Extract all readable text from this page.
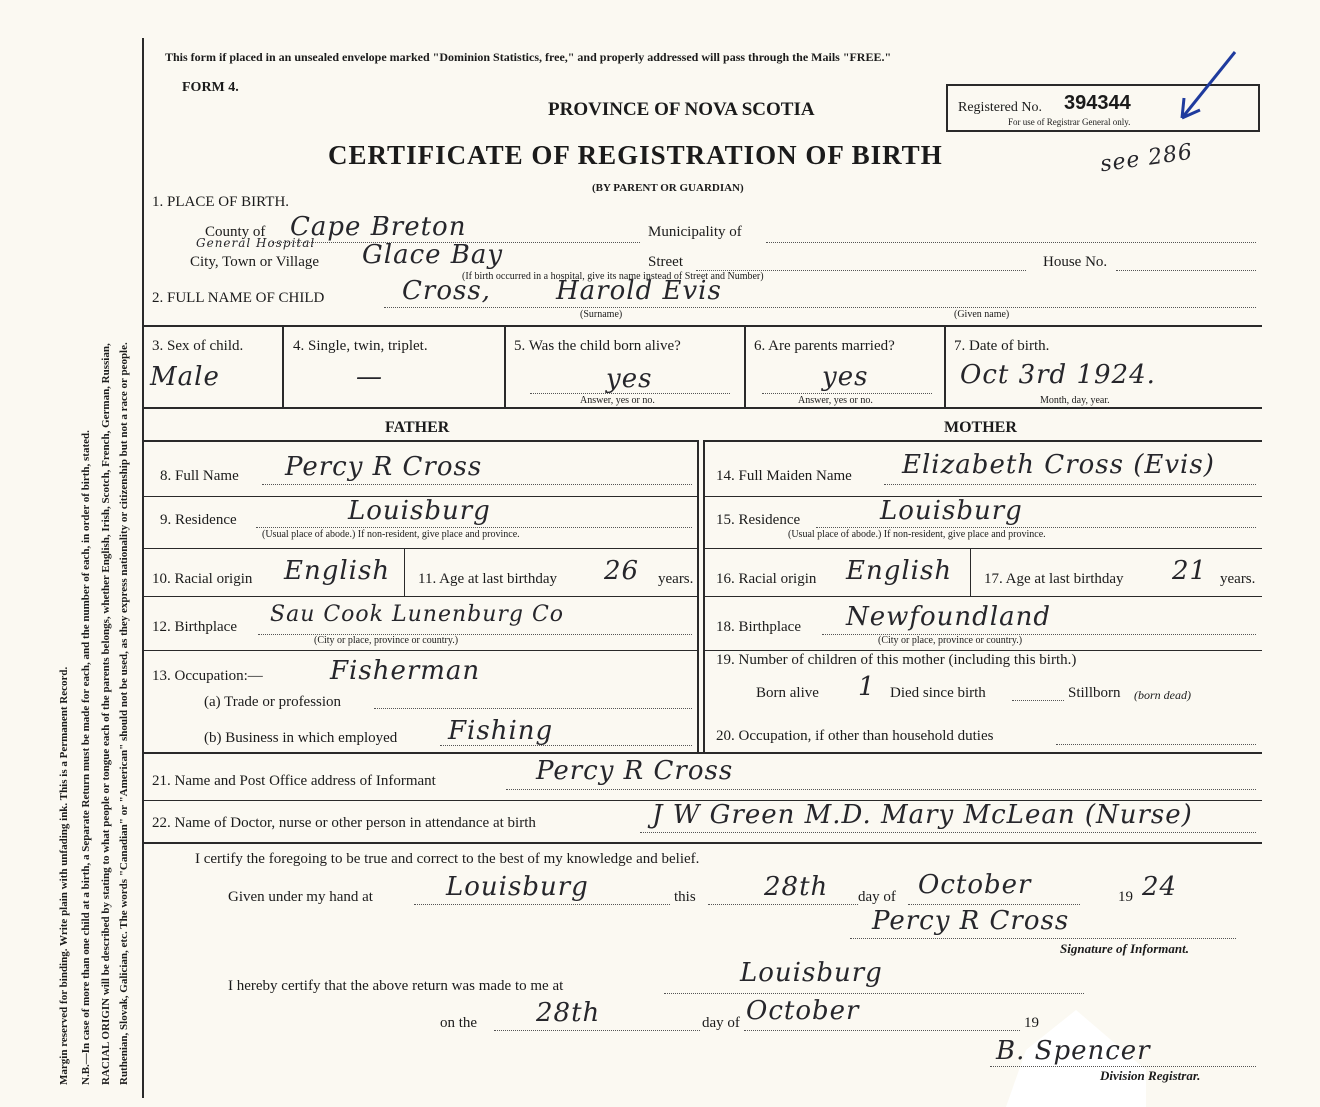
Margin reserved for binding. Write plain with unfading ink. This is a Permanent Record. N.B.—In case of more than one child at a birth, a Separate Return must be made for each, and the number of each, in order of birth, stated. RACIAL ORIGIN will be described by stating to what people or tongue each of the parents belongs, whether English, Irish, Scotch, French, German, Russian, Ruthenian, Slovak, Galician, etc. The words "Canadian" or "American" should not be used, as they express nationality or citizenship but not a race or people.
This form if placed in an unsealed envelope marked "Dominion Statistics, free," and properly addressed will pass through the Mails "FREE."
FORM 4.
PROVINCE OF NOVA SCOTIA
CERTIFICATE OF REGISTRATION OF BIRTH
(BY PARENT OR GUARDIAN)
Registered No. 394344
For use of Registrar General only.
see 286
1. PLACE OF BIRTH.
County of Cape Breton	Municipality of
General Hospital
City, Town or Village Glace Bay	Street	House No.
(If birth occurred in a hospital, give its name instead of Street and Number)
2. FULL NAME OF CHILD	Cross,	Harold Evis
(Surname)	(Given name)
3. Sex of child.
Male
4. Single, twin, triplet.
—
5. Was the child born alive?
yes
Answer, yes or no.
6. Are parents married?
yes
Answer, yes or no.
7. Date of birth.
Oct 3rd 1924.
Month, day, year.
FATHER	MOTHER
8. Full Name Percy R Cross
9. Residence	Louisburg
(Usual place of abode.) If non-resident, give place and province.
10. Racial origin English 11. Age at last birthday 26 years.
12. Birthplace Sau Cook Lunenburg Co
(City or place, province or country.)
13. Occupation:—	Fisherman
(a) Trade or profession
(b) Business in which employed Fishing
14. Full Maiden Name Elizabeth Cross (Evis)
15. Residence	Louisburg
(Usual place of abode.) If non-resident, give place and province.
16. Racial origin English 17. Age at last birthday 21 years.
18. Birthplace Newfoundland
(City or place, province or country.)
19. Number of children of this mother (including this birth.)
Born alive 1 Died since birth	Stillborn (born dead)
20. Occupation, if other than household duties
21. Name and Post Office address of Informant	Percy R Cross
22. Name of Doctor, nurse or other person in attendance at birth	J W Green M.D. Mary McLean (Nurse)
I certify the foregoing to be true and correct to the best of my knowledge and belief.
Given under my hand at	Louisburg	this	28th day of October	19 24
Percy R Cross
Signature of Informant.
I hereby certify that the above return was made to me at	Louisburg
on the 28th	day of October	19
B. Spencer
Division Registrar.
